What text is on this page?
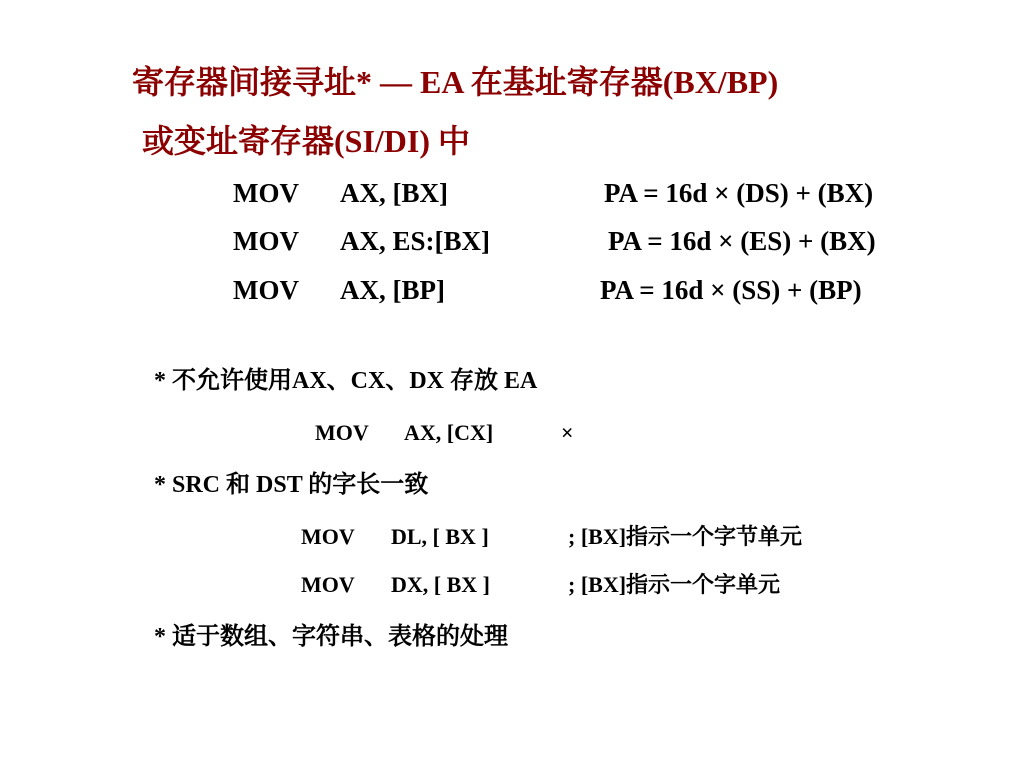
寄存器间接寻址* — EA 在基址寄存器(BX/BP)
或变址寄存器(SI/DI) 中
MOV AX, [BX]	PA = 16d × (DS) + (BX)
MOV AX, ES:[BX]	PA = 16d × (ES) + (BX)
MOV AX, [BP]	PA = 16d × (SS) + (BP)
* 不允许使用AX、CX、DX 存放 EA
MOV AX, [CX]	×
* SRC 和 DST 的字长一致
MOV DL, [ BX ]	; [BX]指示一个字节单元
MOV DX, [ BX ]	; [BX]指示一个字单元
* 适于数组、字符串、表格的处理
